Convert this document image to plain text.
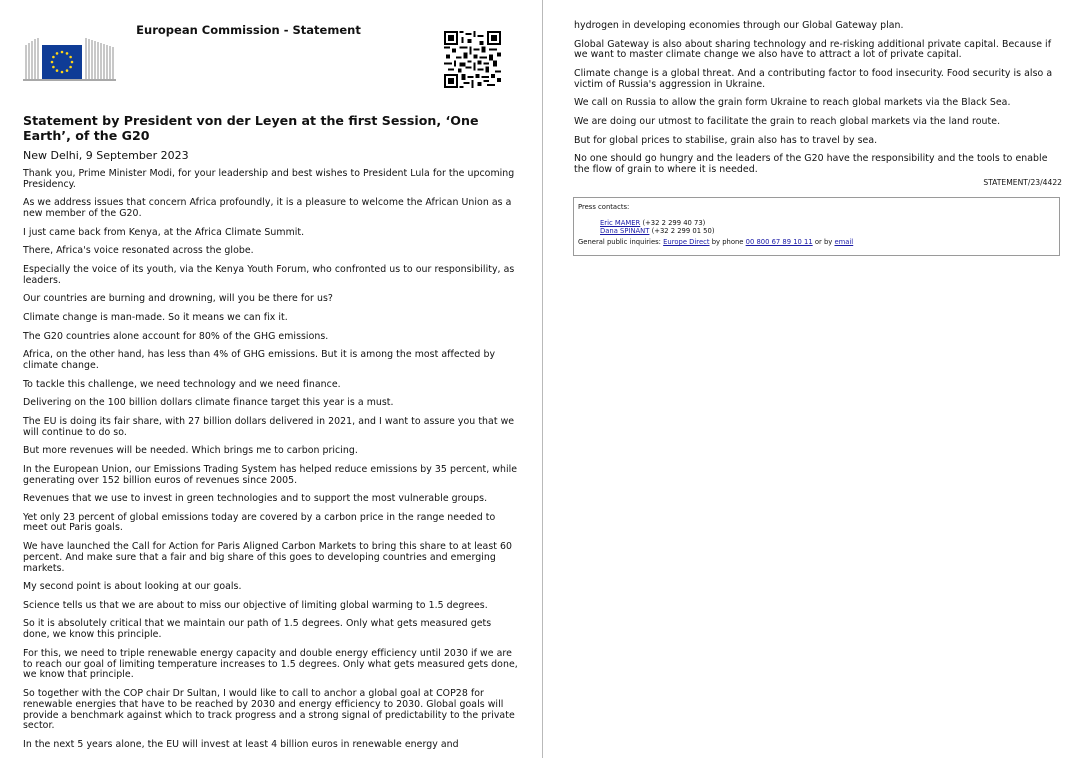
European Commission - Statement
Statement by President von der Leyen at the first Session, ‘One Earth’, of the G20
New Delhi, 9 September 2023

Thank you, Prime Minister Modi, for your leadership and best wishes to President Lula for the upcoming Presidency.

As we address issues that concern Africa profoundly, it is a pleasure to welcome the African Union as a new member of the G20.

I just came back from Kenya, at the Africa Climate Summit.

There, Africa's voice resonated across the globe.

Especially the voice of its youth, via the Kenya Youth Forum, who confronted us to our responsibility, as leaders.

Our countries are burning and drowning, will you be there for us?

Climate change is man-made. So it means we can fix it.

The G20 countries alone account for 80% of the GHG emissions.

Africa, on the other hand, has less than 4% of GHG emissions. But it is among the most affected by climate change.

To tackle this challenge, we need technology and we need finance.

Delivering on the 100 billion dollars climate finance target this year is a must.

The EU is doing its fair share, with 27 billion dollars delivered in 2021, and I want to assure you that we will continue to do so.

But more revenues will be needed. Which brings me to carbon pricing.

In the European Union, our Emissions Trading System has helped reduce emissions by 35 percent, while generating over 152 billion euros of revenues since 2005.

Revenues that we use to invest in green technologies and to support the most vulnerable groups.

Yet only 23 percent of global emissions today are covered by a carbon price in the range needed to meet out Paris goals.

We have launched the Call for Action for Paris Aligned Carbon Markets to bring this share to at least 60 percent. And make sure that a fair and big share of this goes to developing countries and emerging markets.

My second point is about looking at our goals.

Science tells us that we are about to miss our objective of limiting global warming to 1.5 degrees.

So it is absolutely critical that we maintain our path of 1.5 degrees. Only what gets measured gets done, we know this principle.

For this, we need to triple renewable energy capacity and double energy efficiency until 2030 if we are to reach our goal of limiting temperature increases to 1.5 degrees. Only what gets measured gets done, we know that principle.

So together with the COP chair Dr Sultan, I would like to call to anchor a global goal at COP28 for renewable energies that have to be reached by 2030 and energy efficiency to 2030. Global goals will provide a benchmark against which to track progress and a strong signal of predictability to the private sector.

In the next 5 years alone, the EU will invest at least 4 billion euros in renewable energy and

hydrogen in developing economies through our Global Gateway plan.

Global Gateway is also about sharing technology and re-risking additional private capital. Because if we want to master climate change we also have to attract a lot of private capital.

Climate change is a global threat. And a contributing factor to food insecurity. Food security is also a victim of Russia's aggression in Ukraine.

We call on Russia to allow the grain form Ukraine to reach global markets via the Black Sea.

We are doing our utmost to facilitate the grain to reach global markets via the land route.

But for global prices to stabilise, grain also has to travel by sea.

No one should go hungry and the leaders of the G20 have the responsibility and the tools to enable the flow of grain to where it is needed.

STATEMENT/23/4422
Press contacts:
Eric MAMER (+32 2 299 40 73)
Dana SPINANT (+32 2 299 01 50)
General public inquiries: Europe Direct by phone 00 800 67 89 10 11 or by email
